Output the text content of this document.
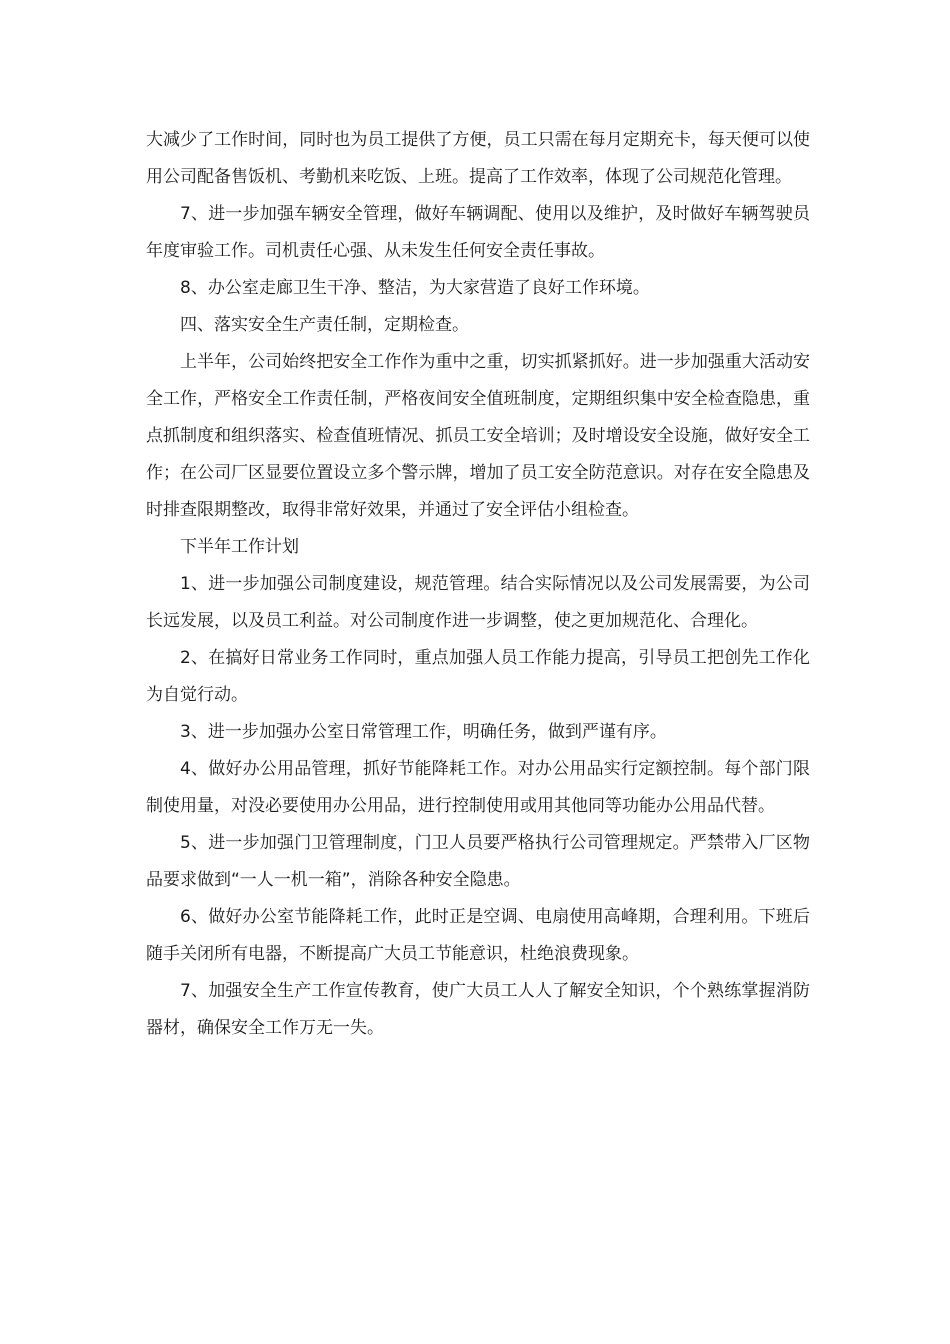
大减少了工作时间，同时也为员工提供了方便，员工只需在每月定期充卡，每天便可以使用公司配备售饭机、考勤机来吃饭、上班。提高了工作效率，体现了公司规范化管理。

7、进一步加强车辆安全管理，做好车辆调配、使用以及维护，及时做好车辆驾驶员年度审验工作。司机责任心强、从未发生任何安全责任事故。

8、办公室走廊卫生干净、整洁，为大家营造了良好工作环境。

四、落实安全生产责任制，定期检查。

上半年，公司始终把安全工作作为重中之重，切实抓紧抓好。进一步加强重大活动安全工作，严格安全工作责任制，严格夜间安全值班制度，定期组织集中安全检查隐患，重点抓制度和组织落实、检查值班情况、抓员工安全培训；及时增设安全设施，做好安全工作；在公司厂区显要位置设立多个警示牌，增加了员工安全防范意识。对存在安全隐患及时排查限期整改，取得非常好效果，并通过了安全评估小组检查。

下半年工作计划

1、进一步加强公司制度建设，规范管理。结合实际情况以及公司发展需要，为公司长远发展，以及员工利益。对公司制度作进一步调整，使之更加规范化、合理化。

2、在搞好日常业务工作同时，重点加强人员工作能力提高，引导员工把创先工作化为自觉行动。

3、进一步加强办公室日常管理工作，明确任务，做到严谨有序。

4、做好办公用品管理，抓好节能降耗工作。对办公用品实行定额控制。每个部门限制使用量，对没必要使用办公用品，进行控制使用或用其他同等功能办公用品代替。

5、进一步加强门卫管理制度，门卫人员要严格执行公司管理规定。严禁带入厂区物品要求做到“一人一机一箱”，消除各种安全隐患。

6、做好办公室节能降耗工作，此时正是空调、电扇使用高峰期，合理利用。下班后随手关闭所有电器，不断提高广大员工节能意识，杜绝浪费现象。

7、加强安全生产工作宣传教育，使广大员工人人了解安全知识，个个熟练掌握消防器材，确保安全工作万无一失。
